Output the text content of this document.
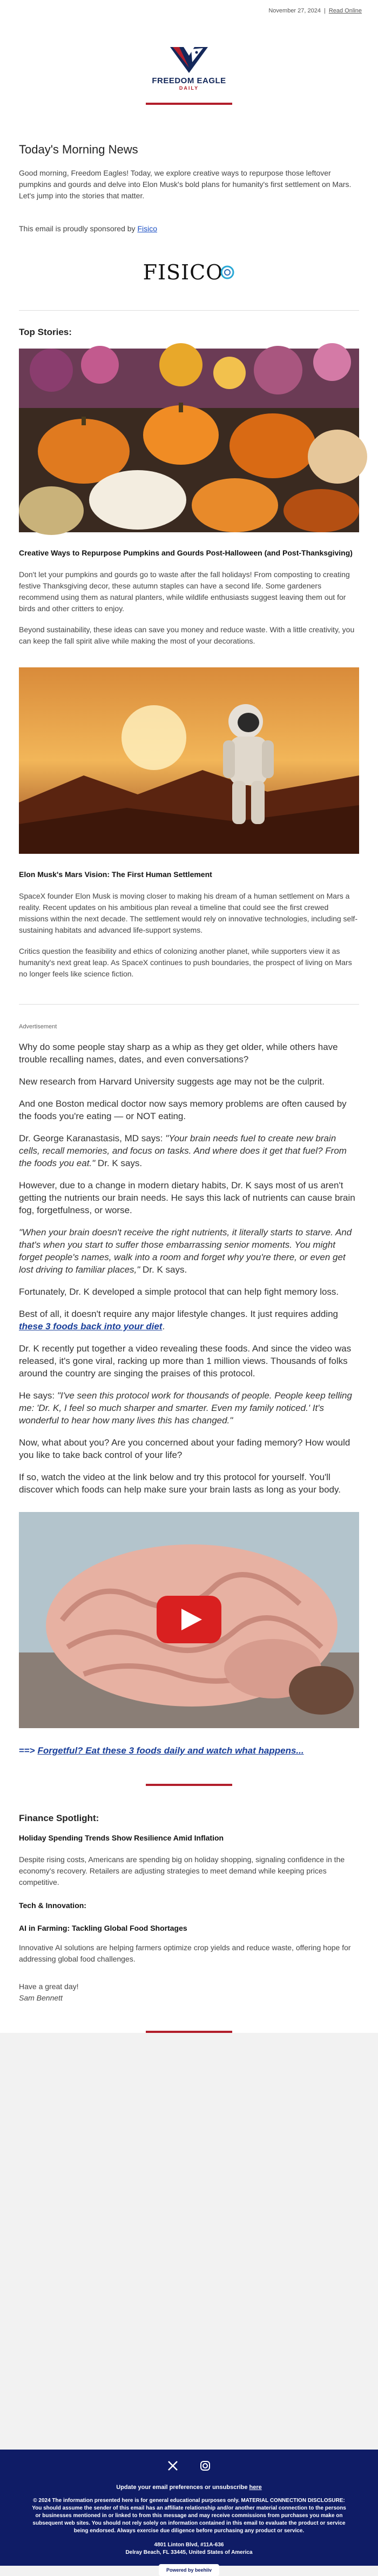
November 27, 2024 | Read Online
FREEDOM EAGLE
DAILY
Today's Morning News

Good morning, Freedom Eagles! Today, we explore creative ways to repurpose those leftover pumpkins and gourds and delve into Elon Musk's bold plans for humanity's first settlement on Mars. Let's jump into the stories that matter.

This email is proudly sponsored by Fisico

FISICO
Top Stories:

Creative Ways to Repurpose Pumpkins and Gourds Post-Halloween (and Post-Thanksgiving)

Don't let your pumpkins and gourds go to waste after the fall holidays! From composting to creating festive Thanksgiving decor, these autumn staples can have a second life. Some gardeners recommend using them as natural planters, while wildlife enthusiasts suggest leaving them out for birds and other critters to enjoy.

Beyond sustainability, these ideas can save you money and reduce waste. With a little creativity, you can keep the fall spirit alive while making the most of your decorations.

Elon Musk's Mars Vision: The First Human Settlement

SpaceX founder Elon Musk is moving closer to making his dream of a human settlement on Mars a reality. Recent updates on his ambitious plan reveal a timeline that could see the first crewed missions within the next decade. The settlement would rely on innovative technologies, including self-sustaining habitats and advanced life-support systems.

Critics question the feasibility and ethics of colonizing another planet, while supporters view it as humanity's next great leap. As SpaceX continues to push boundaries, the prospect of living on Mars no longer feels like science fiction.

Advertisement

Why do some people stay sharp as a whip as they get older, while others have trouble recalling names, dates, and even conversations?

New research from Harvard University suggests age may not be the culprit.

And one Boston medical doctor now says memory problems are often caused by the foods you're eating — or NOT eating.

Dr. George Karanastasis, MD says: "Your brain needs fuel to create new brain cells, recall memories, and focus on tasks. And where does it get that fuel? From the foods you eat." Dr. K says.

However, due to a change in modern dietary habits, Dr. K says most of us aren't getting the nutrients our brain needs. He says this lack of nutrients can cause brain fog, forgetfulness, or worse.

"When your brain doesn't receive the right nutrients, it literally starts to starve. And that's when you start to suffer those embarrassing senior moments. You might forget people's names, walk into a room and forget why you're there, or even get lost driving to familiar places," Dr. K says.

Fortunately, Dr. K developed a simple protocol that can help fight memory loss.

Best of all, it doesn't require any major lifestyle changes. It just requires adding these 3 foods back into your diet.

Dr. K recently put together a video revealing these foods. And since the video was released, it's gone viral, racking up more than 1 million views. Thousands of folks around the country are singing the praises of this protocol.

He says: "I've seen this protocol work for thousands of people. People keep telling me: 'Dr. K, I feel so much sharper and smarter. Even my family noticed.' It's wonderful to hear how many lives this has changed."

Now, what about you? Are you concerned about your fading memory? How would you like to take back control of your life?

If so, watch the video at the link below and try this protocol for yourself. You'll discover which foods can help make sure your brain lasts as long as your body.

==> Forgetful? Eat these 3 foods daily and watch what happens...

Finance Spotlight:

Holiday Spending Trends Show Resilience Amid Inflation

Despite rising costs, Americans are spending big on holiday shopping, signaling confidence in the economy's recovery. Retailers are adjusting strategies to meet demand while keeping prices competitive.

Tech & Innovation:

AI in Farming: Tackling Global Food Shortages

Innovative AI solutions are helping farmers optimize crop yields and reduce waste, offering hope for addressing global food challenges.

Have a great day!

Sam Bennett

Update your email preferences or unsubscribe here

© 2024 The information presented here is for general educational purposes only. MATERIAL CONNECTION DISCLOSURE: You should assume the sender of this email has an affiliate relationship and/or another material connection to the persons or businesses mentioned in or linked to from this message and may receive commissions from purchases you make on subsequent web sites. You should not rely solely on information contained in this email to evaluate the product or service being endorsed. Always exercise due diligence before purchasing any product or service.

4801 Linton Blvd, #11A-636

Delray Beach, FL 33445, United States of America

Powered by beehiiv
